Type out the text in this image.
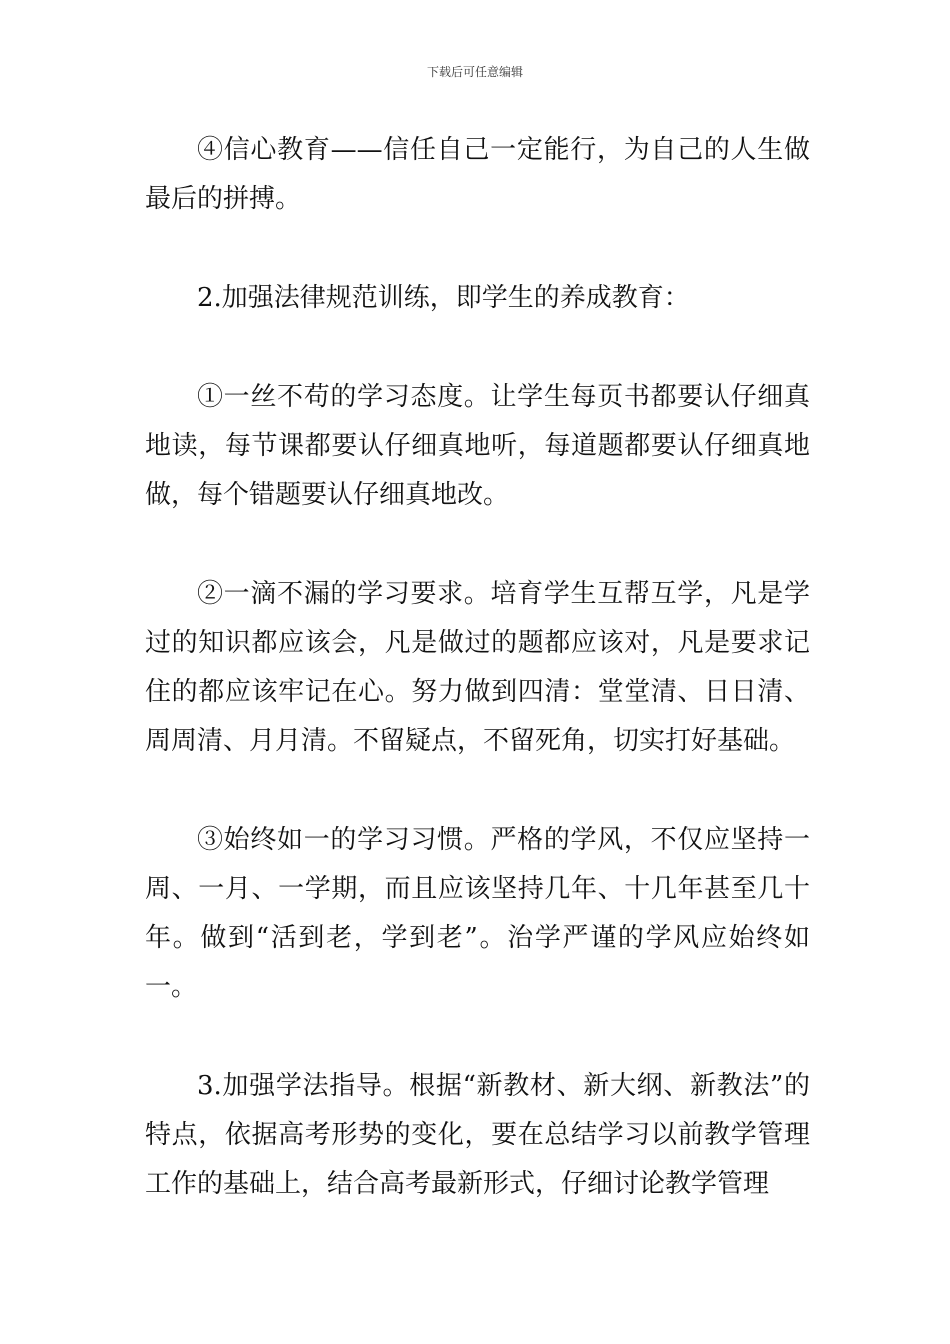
下载后可任意编辑

④信心教育——信任自己一定能行，为自己的人生做最后的拼搏。

2.加强法律规范训练，即学生的养成教育：

①一丝不苟的学习态度。让学生每页书都要认仔细真地读，每节课都要认仔细真地听，每道题都要认仔细真地做，每个错题要认仔细真地改。

②一滴不漏的学习要求。培育学生互帮互学，凡是学过的知识都应该会，凡是做过的题都应该对，凡是要求记住的都应该牢记在心。努力做到四清：堂堂清、日日清、周周清、月月清。不留疑点，不留死角，切实打好基础。

③始终如一的学习习惯。严格的学风，不仅应坚持一周、一月、一学期，而且应该坚持几年、十几年甚至几十年。做到“活到老，学到老”。治学严谨的学风应始终如一。

3.加强学法指导。根据“新教材、新大纲、新教法”的特点，依据高考形势的变化，要在总结学习以前教学管理工作的基础上，结合高考最新形式，仔细讨论教学管理
